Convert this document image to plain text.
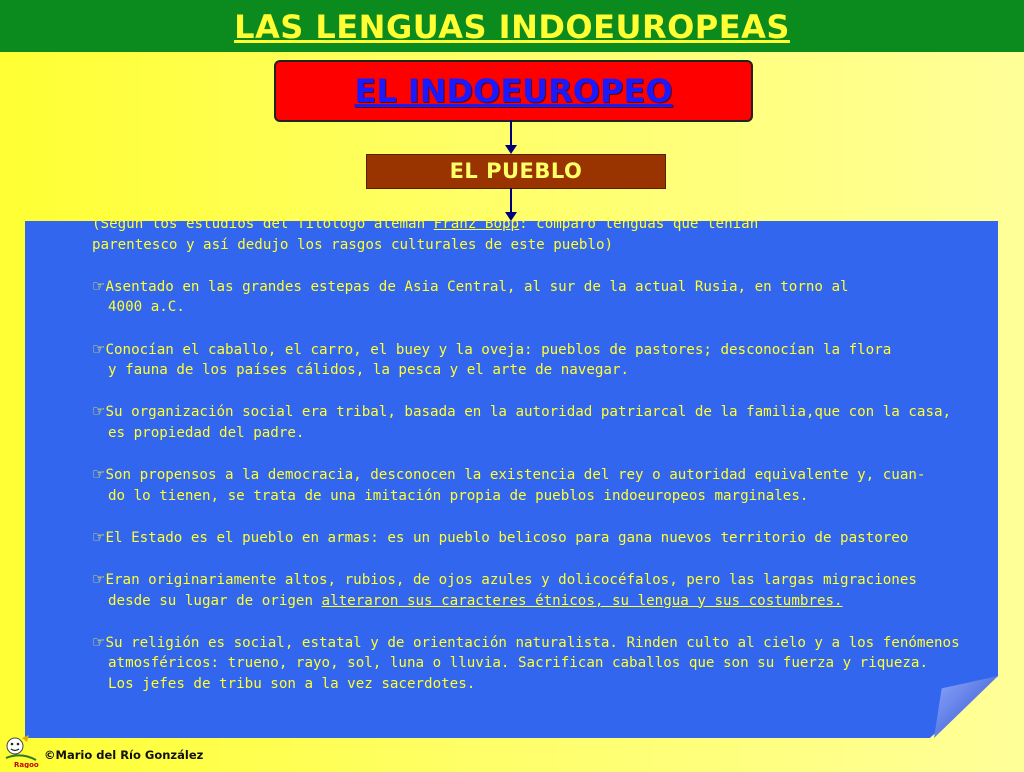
LAS LENGUAS INDOEUROPEAS
EL INDOEUROPEO
EL PUEBLO

(Según los estudios del filólogo alemán Franz Bopp: comparó lenguas que tenían
parentesco y así dedujo los rasgos culturales de este pueblo)

☞Asentado en las grandes estepas de Asia Central, al sur de la actual Rusia, en torno al
4000 a.C.

☞Conocían el caballo, el carro, el buey y la oveja: pueblos de pastores; desconocían la flora
y fauna de los países cálidos, la pesca y el arte de navegar.

☞Su organización social era tribal, basada en la autoridad patriarcal de la familia,que con la casa,
es propiedad del padre.

☞Son propensos a la democracia, desconocen la existencia del rey o autoridad equivalente y, cuan-
do lo tienen, se trata de una imitación propia de pueblos indoeuropeos marginales.

☞El Estado es el pueblo en armas: es un pueblo belicoso para gana nuevos territorio de pastoreo

☞Eran originariamente altos, rubios, de ojos azules y dolicocéfalos, pero las largas migraciones
desde su lugar de origen alteraron sus caracteres étnicos, su lengua y sus costumbres.

☞Su religión es social, estatal y de orientación naturalista. Rinden culto al cielo y a los fenómenos
atmosféricos: trueno, rayo, sol, luna o lluvia. Sacrifican caballos que son su fuerza y riqueza.
Los jefes de tribu son a la vez sacerdotes.

Ragoo
©Mario del Río González
